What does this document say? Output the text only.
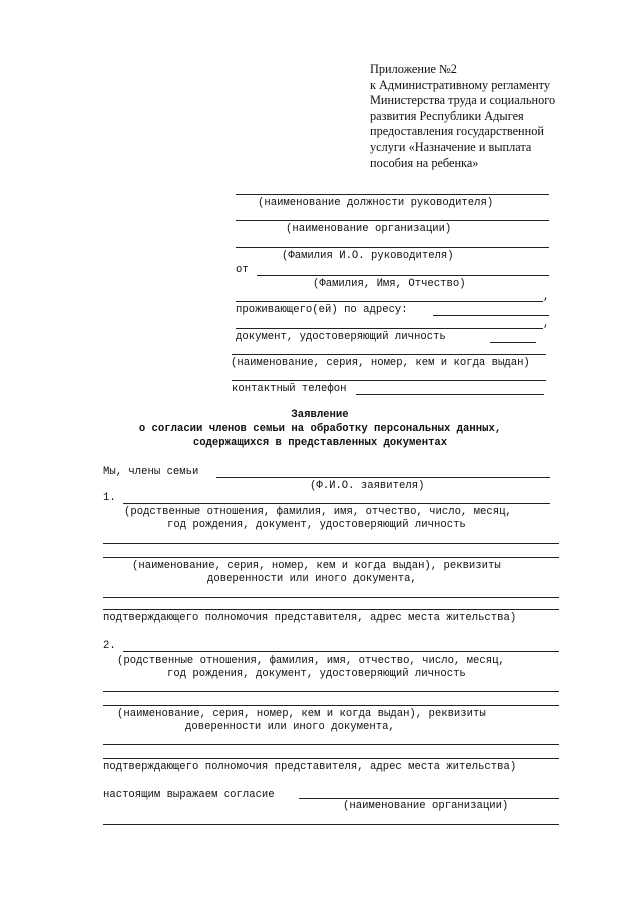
Приложение №2
к Административному регламенту
Министерства труда и социального
развития Республики Адыгея
предоставления государственной
услуги «Назначение и выплата
пособия на ребенка»
(наименование должности руководителя)
(наименование организации)
(Фамилия И.О. руководителя)
от
(Фамилия, Имя, Отчество)
,
проживающего(ей) по адресу:
,
документ, удостоверяющий личность
(наименование, серия, номер, кем и когда выдан)
контактный телефон
Заявление
о согласии членов семьи на обработку персональных данных,
содержащихся в представленных документах
Мы, члены семьи
(Ф.И.О. заявителя)
1.
(родственные отношения, фамилия, имя, отчество, число, месяц,
год рождения, документ, удостоверяющий личность
(наименование, серия, номер, кем и когда выдан), реквизиты
доверенности или иного документа,
подтверждающего полномочия представителя, адрес места жительства)
2.
(родственные отношения, фамилия, имя, отчество, число, месяц,
год рождения, документ, удостоверяющий личность
(наименование, серия, номер, кем и когда выдан), реквизиты
доверенности или иного документа,
подтверждающего полномочия представителя, адрес места жительства)
настоящим выражаем согласие
(наименование организации)
